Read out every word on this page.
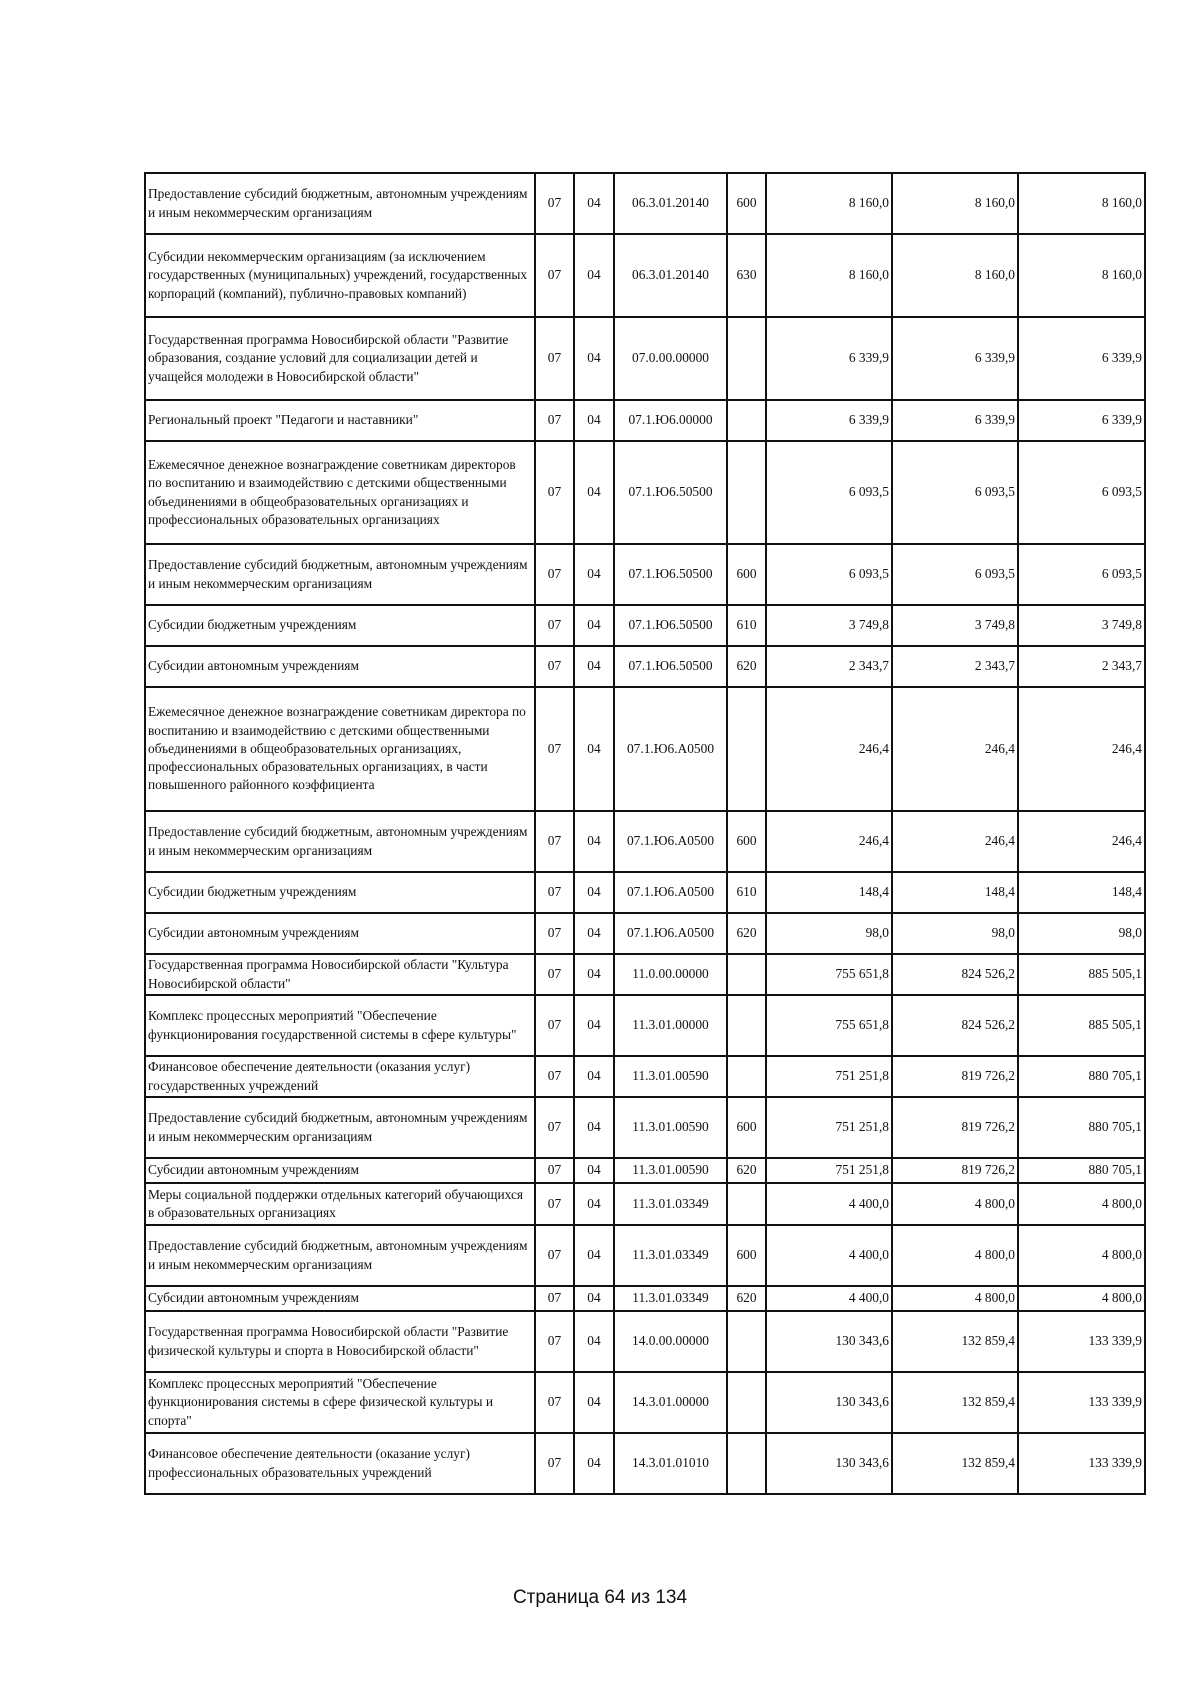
Предоставление субсидий бюджетным, автономным учреждениям и иным некоммерческим организациям	07	04	06.3.01.20140	600	8 160,0	8 160,0	8 160,0
Субсидии некоммерческим организациям (за исключением государственных (муниципальных) учреждений, государственных корпораций (компаний), публично-правовых компаний)	07	04	06.3.01.20140	630	8 160,0	8 160,0	8 160,0
Государственная программа Новосибирской области "Развитие образования, создание условий для социализации детей и учащейся молодежи в Новосибирской области"	07	04	07.0.00.00000		6 339,9	6 339,9	6 339,9
Региональный проект "Педагоги и наставники"	07	04	07.1.Ю6.00000		6 339,9	6 339,9	6 339,9
Ежемесячное денежное вознаграждение советникам директоров по воспитанию и взаимодействию с детскими общественными объединениями в общеобразовательных организациях и профессиональных образовательных организациях	07	04	07.1.Ю6.50500		6 093,5	6 093,5	6 093,5
Предоставление субсидий бюджетным, автономным учреждениям и иным некоммерческим организациям	07	04	07.1.Ю6.50500	600	6 093,5	6 093,5	6 093,5
Субсидии бюджетным учреждениям	07	04	07.1.Ю6.50500	610	3 749,8	3 749,8	3 749,8
Субсидии автономным учреждениям	07	04	07.1.Ю6.50500	620	2 343,7	2 343,7	2 343,7
Ежемесячное денежное вознаграждение советникам директора по воспитанию и взаимодействию с детскими общественными объединениями в общеобразовательных организациях, профессиональных образовательных организациях, в части повышенного районного коэффициента	07	04	07.1.Ю6.А0500		246,4	246,4	246,4
Предоставление субсидий бюджетным, автономным учреждениям и иным некоммерческим организациям	07	04	07.1.Ю6.А0500	600	246,4	246,4	246,4
Субсидии бюджетным учреждениям	07	04	07.1.Ю6.А0500	610	148,4	148,4	148,4
Субсидии автономным учреждениям	07	04	07.1.Ю6.А0500	620	98,0	98,0	98,0
Государственная программа Новосибирской области "Культура Новосибирской области"	07	04	11.0.00.00000		755 651,8	824 526,2	885 505,1
Комплекс процессных мероприятий "Обеспечение функционирования государственной системы в сфере культуры"	07	04	11.3.01.00000		755 651,8	824 526,2	885 505,1
Финансовое обеспечение деятельности (оказания услуг) государственных учреждений	07	04	11.3.01.00590		751 251,8	819 726,2	880 705,1
Предоставление субсидий бюджетным, автономным учреждениям и иным некоммерческим организациям	07	04	11.3.01.00590	600	751 251,8	819 726,2	880 705,1
Субсидии автономным учреждениям	07	04	11.3.01.00590	620	751 251,8	819 726,2	880 705,1
Меры социальной поддержки отдельных категорий обучающихся в образовательных организациях	07	04	11.3.01.03349		4 400,0	4 800,0	4 800,0
Предоставление субсидий бюджетным, автономным учреждениям и иным некоммерческим организациям	07	04	11.3.01.03349	600	4 400,0	4 800,0	4 800,0
Субсидии автономным учреждениям	07	04	11.3.01.03349	620	4 400,0	4 800,0	4 800,0
Государственная программа Новосибирской области "Развитие физической культуры и спорта в Новосибирской области"	07	04	14.0.00.00000		130 343,6	132 859,4	133 339,9
Комплекс процессных мероприятий "Обеспечение функционирования системы в сфере физической культуры и спорта"	07	04	14.3.01.00000		130 343,6	132 859,4	133 339,9
Финансовое обеспечение деятельности (оказание услуг) профессиональных образовательных учреждений	07	04	14.3.01.01010		130 343,6	132 859,4	133 339,9
Страница 64 из 134
